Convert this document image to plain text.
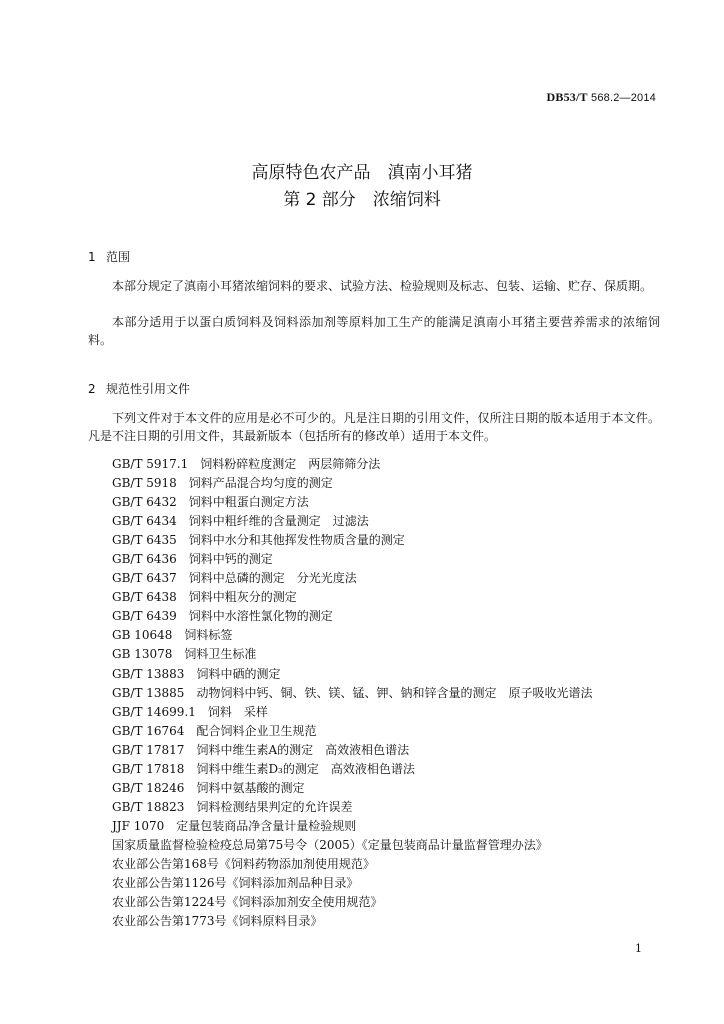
DB53/T 568.2—2014
高原特色农产品　滇南小耳猪
第 2 部分　浓缩饲料
1 范围

本部分规定了滇南小耳猪浓缩饲料的要求、试验方法、检验规则及标志、包装、运输、贮存、保质期。

本部分适用于以蛋白质饲料及饲料添加剂等原料加工生产的能满足滇南小耳猪主要营养需求的浓缩饲料。

2 规范性引用文件

下列文件对于本文件的应用是必不可少的。凡是注日期的引用文件，仅所注日期的版本适用于本文件。凡是不注日期的引用文件，其最新版本（包括所有的修改单）适用于本文件。

GB/T 5917.1　饲料粉碎粒度测定　两层筛筛分法
GB/T 5918　饲料产品混合均匀度的测定
GB/T 6432　饲料中粗蛋白测定方法
GB/T 6434　饲料中粗纤维的含量测定　过滤法
GB/T 6435　饲料中水分和其他挥发性物质含量的测定
GB/T 6436　饲料中钙的测定
GB/T 6437　饲料中总磷的测定　分光光度法
GB/T 6438　饲料中粗灰分的测定
GB/T 6439　饲料中水溶性氯化物的测定
GB 10648　饲料标签
GB 13078　饲料卫生标准
GB/T 13883　饲料中硒的测定
GB/T 13885　动物饲料中钙、铜、铁、镁、锰、钾、钠和锌含量的测定　原子吸收光谱法
GB/T 14699.1　饲料　采样
GB/T 16764　配合饲料企业卫生规范
GB/T 17817　饲料中维生素A的测定　高效液相色谱法
GB/T 17818　饲料中维生素D₃的测定　高效液相色谱法
GB/T 18246　饲料中氨基酸的测定
GB/T 18823　饲料检测结果判定的允许误差
JJF 1070　定量包装商品净含量计量检验规则
国家质量监督检验检疫总局第75号令（2005）《定量包装商品计量监督管理办法》
农业部公告第168号《饲料药物添加剂使用规范》
农业部公告第1126号《饲料添加剂品种目录》
农业部公告第1224号《饲料添加剂安全使用规范》
农业部公告第1773号《饲料原料目录》
1
